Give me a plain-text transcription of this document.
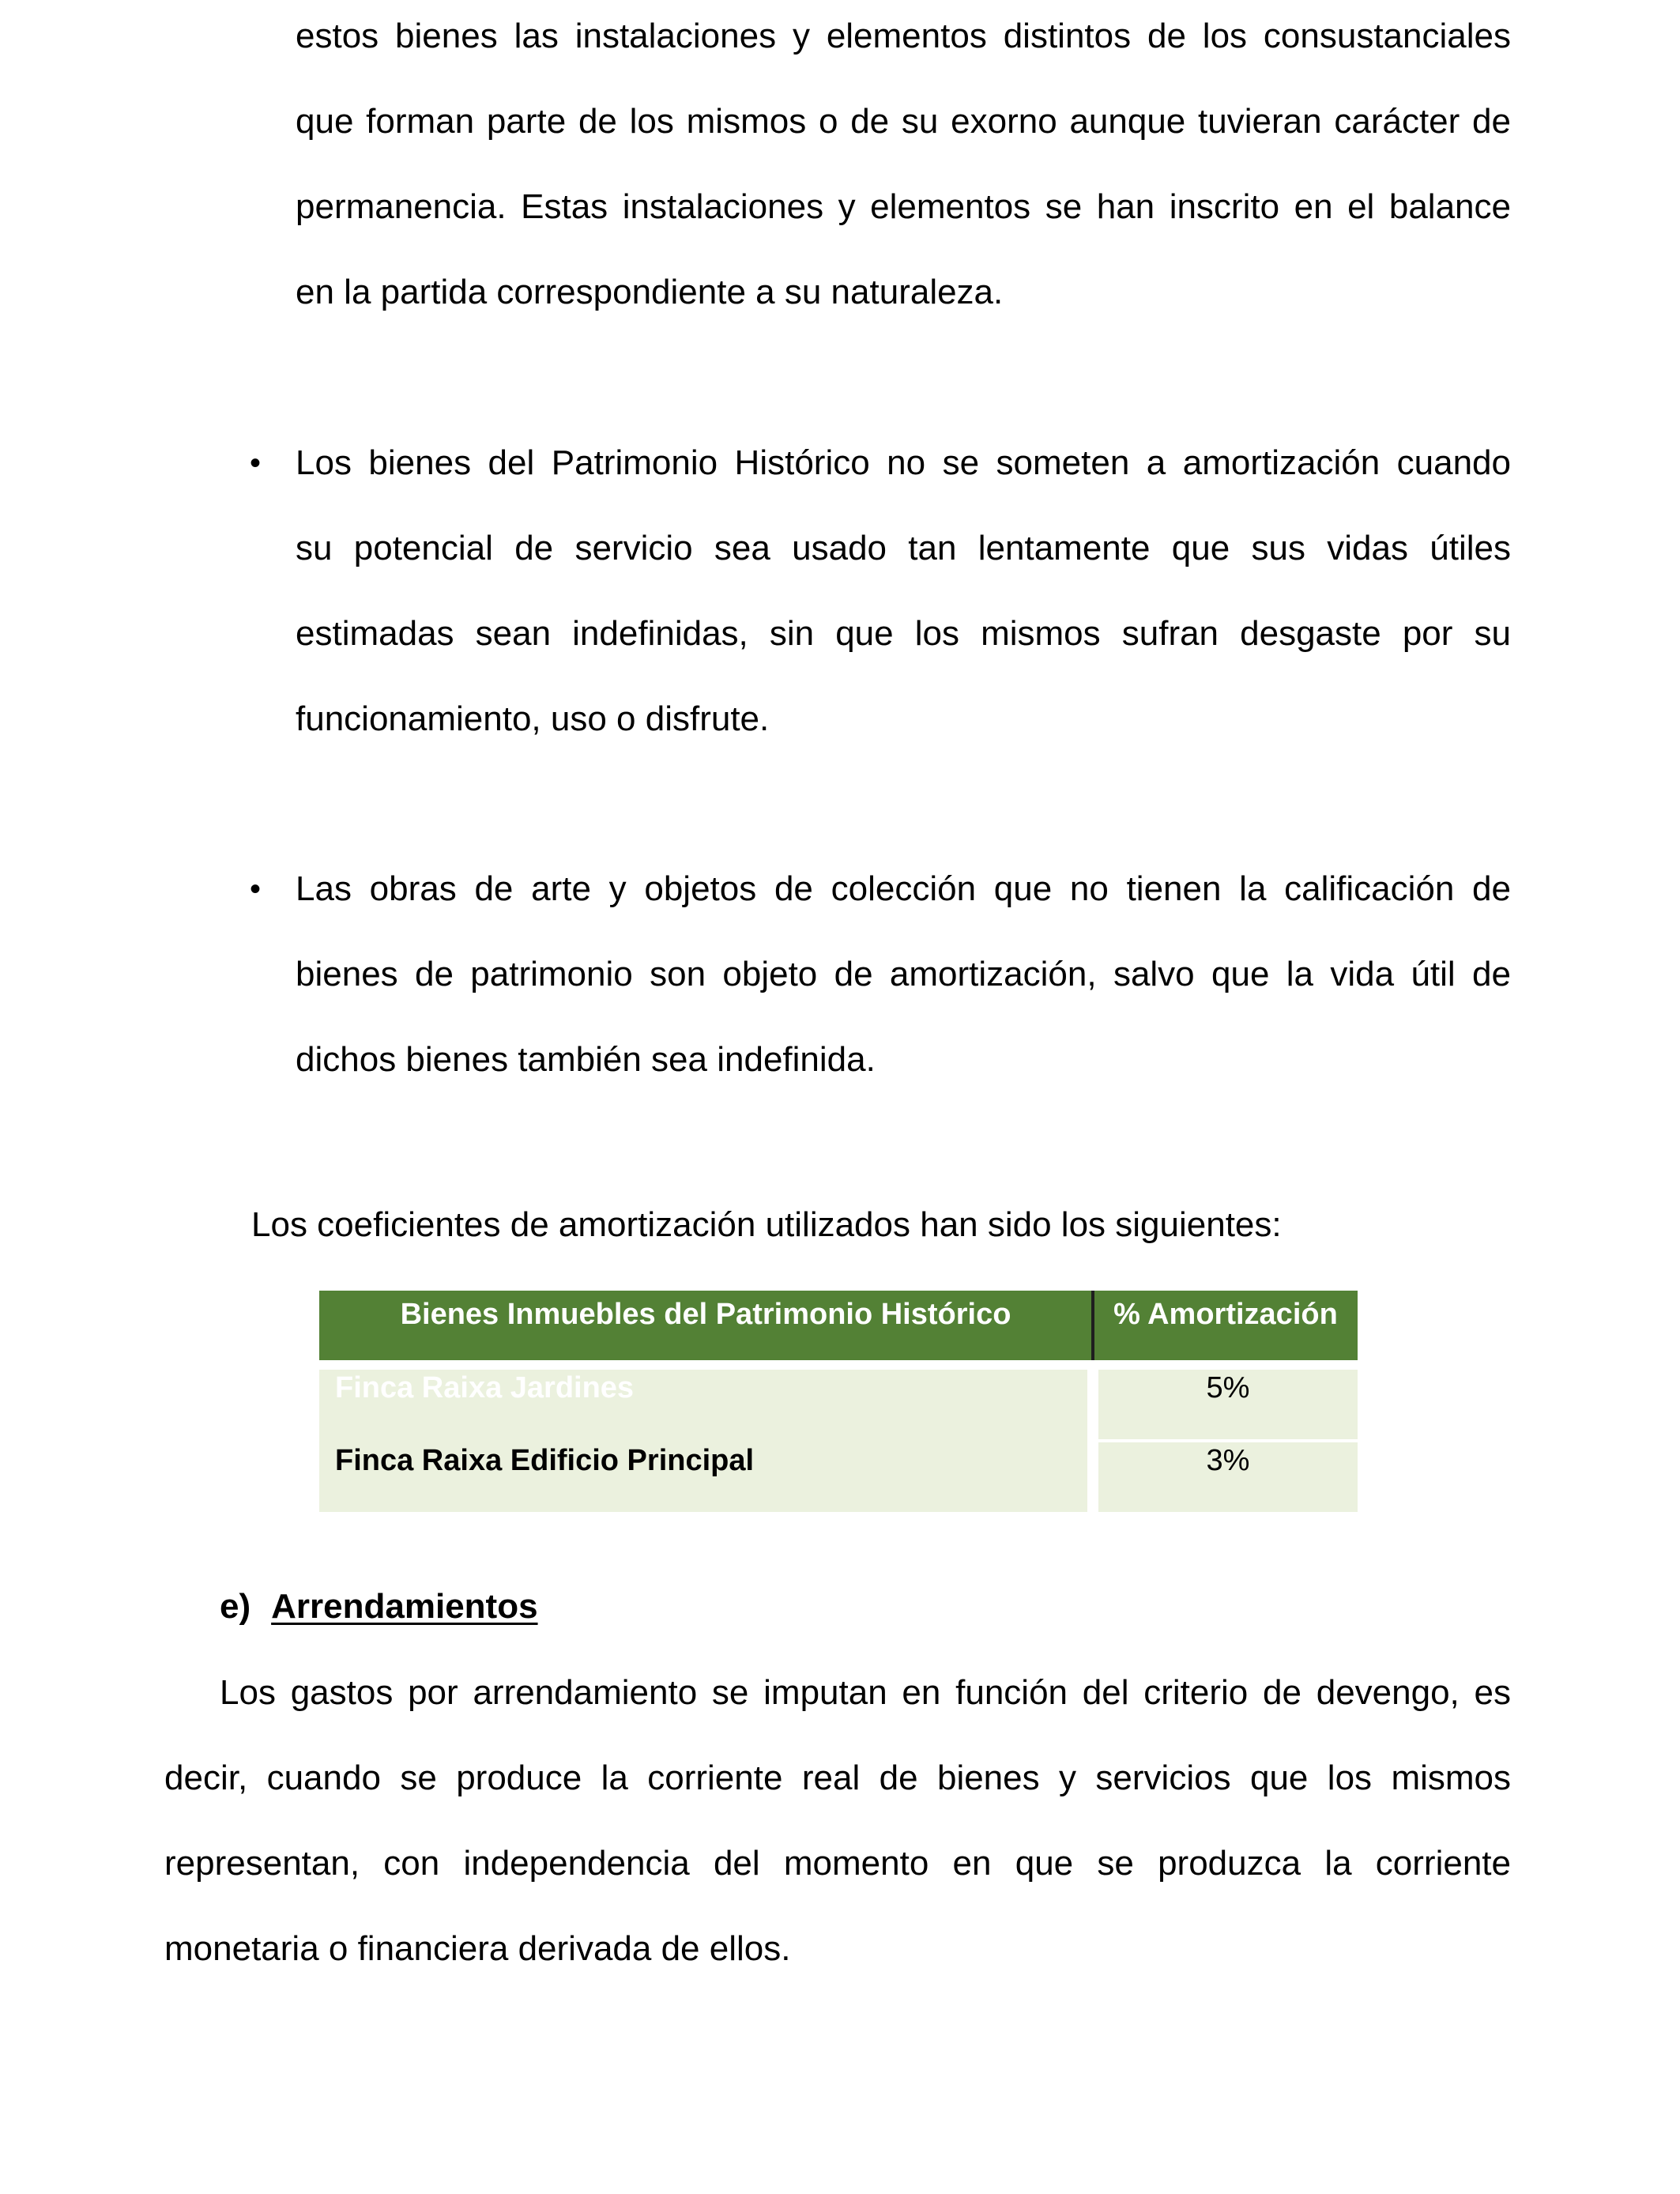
estos bienes las instalaciones y elementos distintos de los consustanciales
que forman parte de los mismos o de su exorno aunque tuvieran carácter de
permanencia. Estas instalaciones y elementos se han inscrito en el balance
en la partida correspondiente a su naturaleza.
• Los bienes del Patrimonio Histórico no se someten a amortización cuando
su potencial de servicio sea usado tan lentamente que sus vidas útiles
estimadas sean indefinidas, sin que los mismos sufran desgaste por su
funcionamiento, uso o disfrute.
• Las obras de arte y objetos de colección que no tienen la calificación de
bienes de patrimonio son objeto de amortización, salvo que la vida útil de
dichos bienes también sea indefinida.
Los coeficientes de amortización utilizados han sido los siguientes:
Bienes Inmuebles del Patrimonio Histórico	% Amortización
Finca Raixa Jardines	5%
Finca Raixa Edificio Principal	3%
e) Arrendamientos
Los gastos por arrendamiento se imputan en función del criterio de devengo, es
decir, cuando se produce la corriente real de bienes y servicios que los mismos
representan, con independencia del momento en que se produzca la corriente
monetaria o financiera derivada de ellos.
